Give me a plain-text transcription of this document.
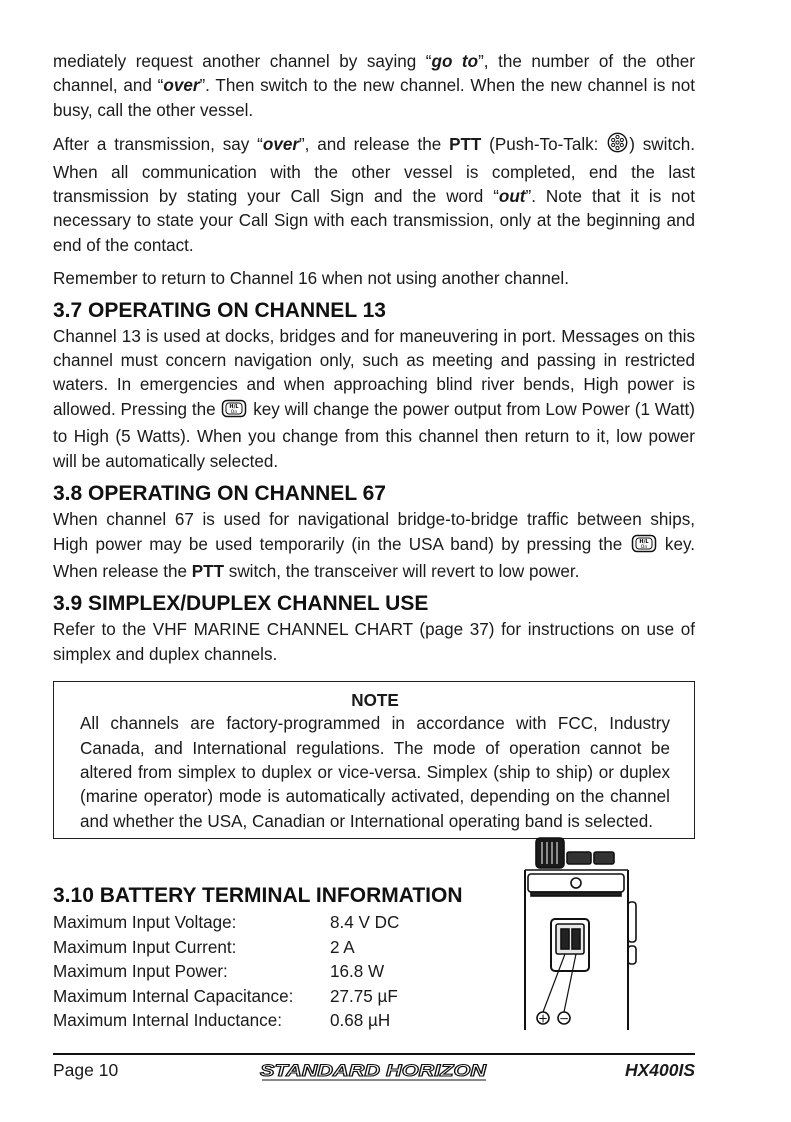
mediately request another channel by saying “go to”, the number of the other channel, and “over”. Then switch to the new channel. When the new channel is not busy, call the other vessel.

After a transmission, say “over”, and release the PTT (Push-To-Talk: ) switch. When all communication with the other vessel is completed, end the last transmission by stating your Call Sign and the word “out”. Note that it is not necessary to state your Call Sign with each transmission, only at the beginning and end of the contact.

Remember to return to Channel 16 when not using another channel.

3.7 OPERATING ON CHANNEL 13

Channel 13 is used at docks, bridges and for maneuvering in port. Messages on this channel must concern navigation only, such as meeting and passing in restricted waters. In emergencies and when approaching blind river bends, High power is allowed. Pressing the H/L
On key will change the power output from Low Power (1 Watt) to High (5 Watts). When you change from this channel then return to it, low power will be automatically selected.

3.8 OPERATING ON CHANNEL 67

When channel 67 is used for navigational bridge-to-bridge traffic between ships, High power may be used temporarily (in the USA band) by pressing the H/L
On key. When release the PTT switch, the transceiver will revert to low power.

3.9 SIMPLEX/DUPLEX CHANNEL USE

Refer to the VHF MARINE CHANNEL CHART (page 37) for instructions on use of simplex and duplex channels.

NOTE

All channels are factory-programmed in accordance with FCC, Industry Canada, and International regulations. The mode of operation cannot be altered from simplex to duplex or vice-versa. Simplex (ship to ship) or duplex (marine operator) mode is automatically activated, depending on the channel and whether the USA, Canadian or International operating band is selected.

3.10 BATTERY TERMINAL INFORMATION
Maximum Input Voltage:	8.4 V DC
Maximum Input Current:	2 A
Maximum Input Power:	16.8 W
Maximum Internal Capacitance:	27.75 µF
Maximum Internal Inductance:	0.68 µH	+ −
Page 10	STANDARD HORIZON	HX400IS
